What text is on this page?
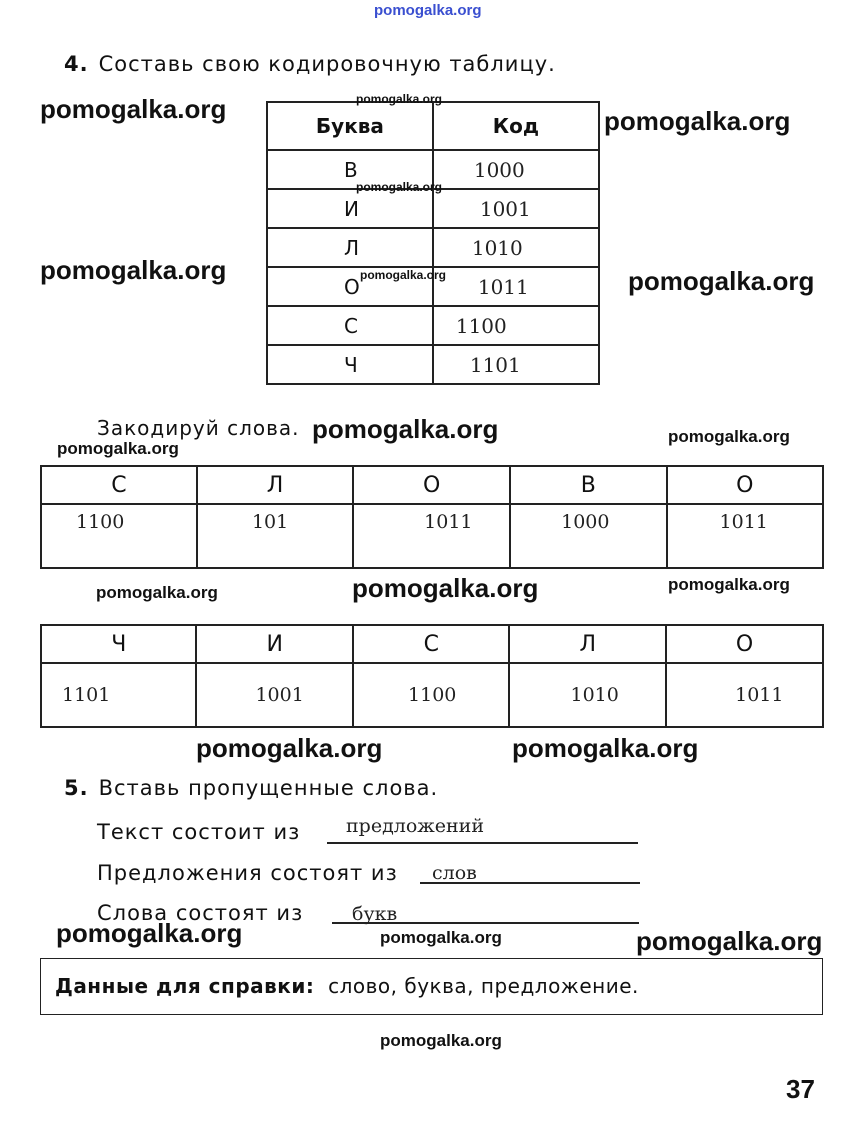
pomogalka.org
4. Составь свою кодировочную таблицу.
Буква	Код
В	1000
И	1001
Л	1010
О	1011
С	1100
Ч	1101
Закодируй слова.
С	Л	О	В	О
1100	101	1011	1000	1011
Ч	И	С	Л	О
1101	1001	1100	1010	1011
5. Вставь пропущенные слова.
Текст состоит из предложений
Предложения состоят из слов
Слова состоят из	букв
Данные для справки: слово, буква, предложение.
37
pomogalka.org	pomogalka.org
pomogalka.org
pomogalka.org
pomogalka.org	pomogalka.org	pomogalka.org
pomogalka.org	pomogalka.org
pomogalka.org
pomogalka.org	pomogalka.org	pomogalka.org
pomogalka.org	pomogalka.org
pomogalka.org	pomogalka.org	pomogalka.org
pomogalka.org
